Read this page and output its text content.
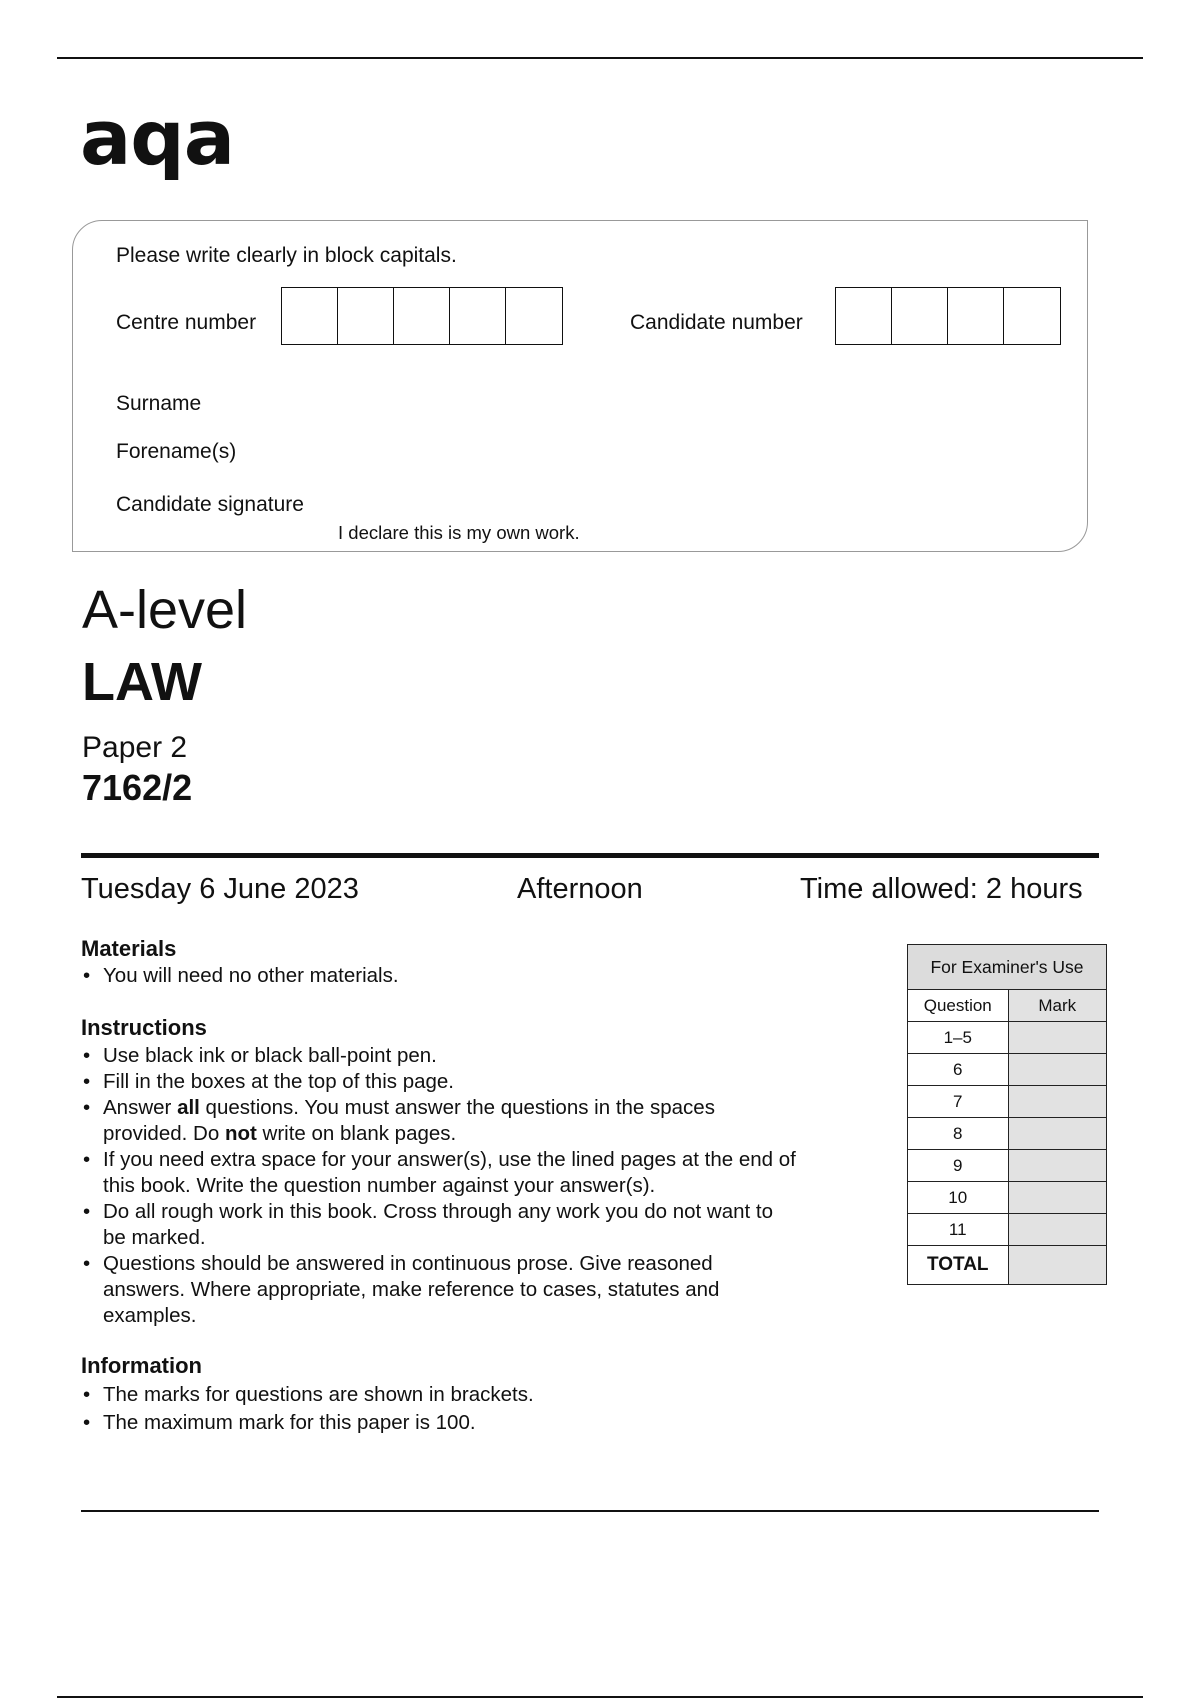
aqa
Please write clearly in block capitals.
Centre number	Candidate number
Surname
Forename(s)
Candidate signature
I declare this is my own work.
A-level
LAW
Paper 2
7162/2
Tuesday 6 June 2023	Afternoon	Time allowed: 2 hours
Materials
• You will need no other materials.
Instructions
• Use black ink or black ball-point pen.
• Fill in the boxes at the top of this page.
• Answer all questions. You must answer the questions in the spaces
provided. Do not write on blank pages.
• If you need extra space for your answer(s), use the lined pages at the end of
this book. Write the question number against your answer(s).
• Do all rough work in this book. Cross through any work you do not want to
be marked.
• Questions should be answered in continuous prose. Give reasoned
answers. Where appropriate, make reference to cases, statutes and
examples.
Information
• The marks for questions are shown in brackets.
• The maximum mark for this paper is 100.
For Examiner's Use	
Question	Mark
1–5	
6	
7	
8	
9	
10	
11	
TOTAL	
